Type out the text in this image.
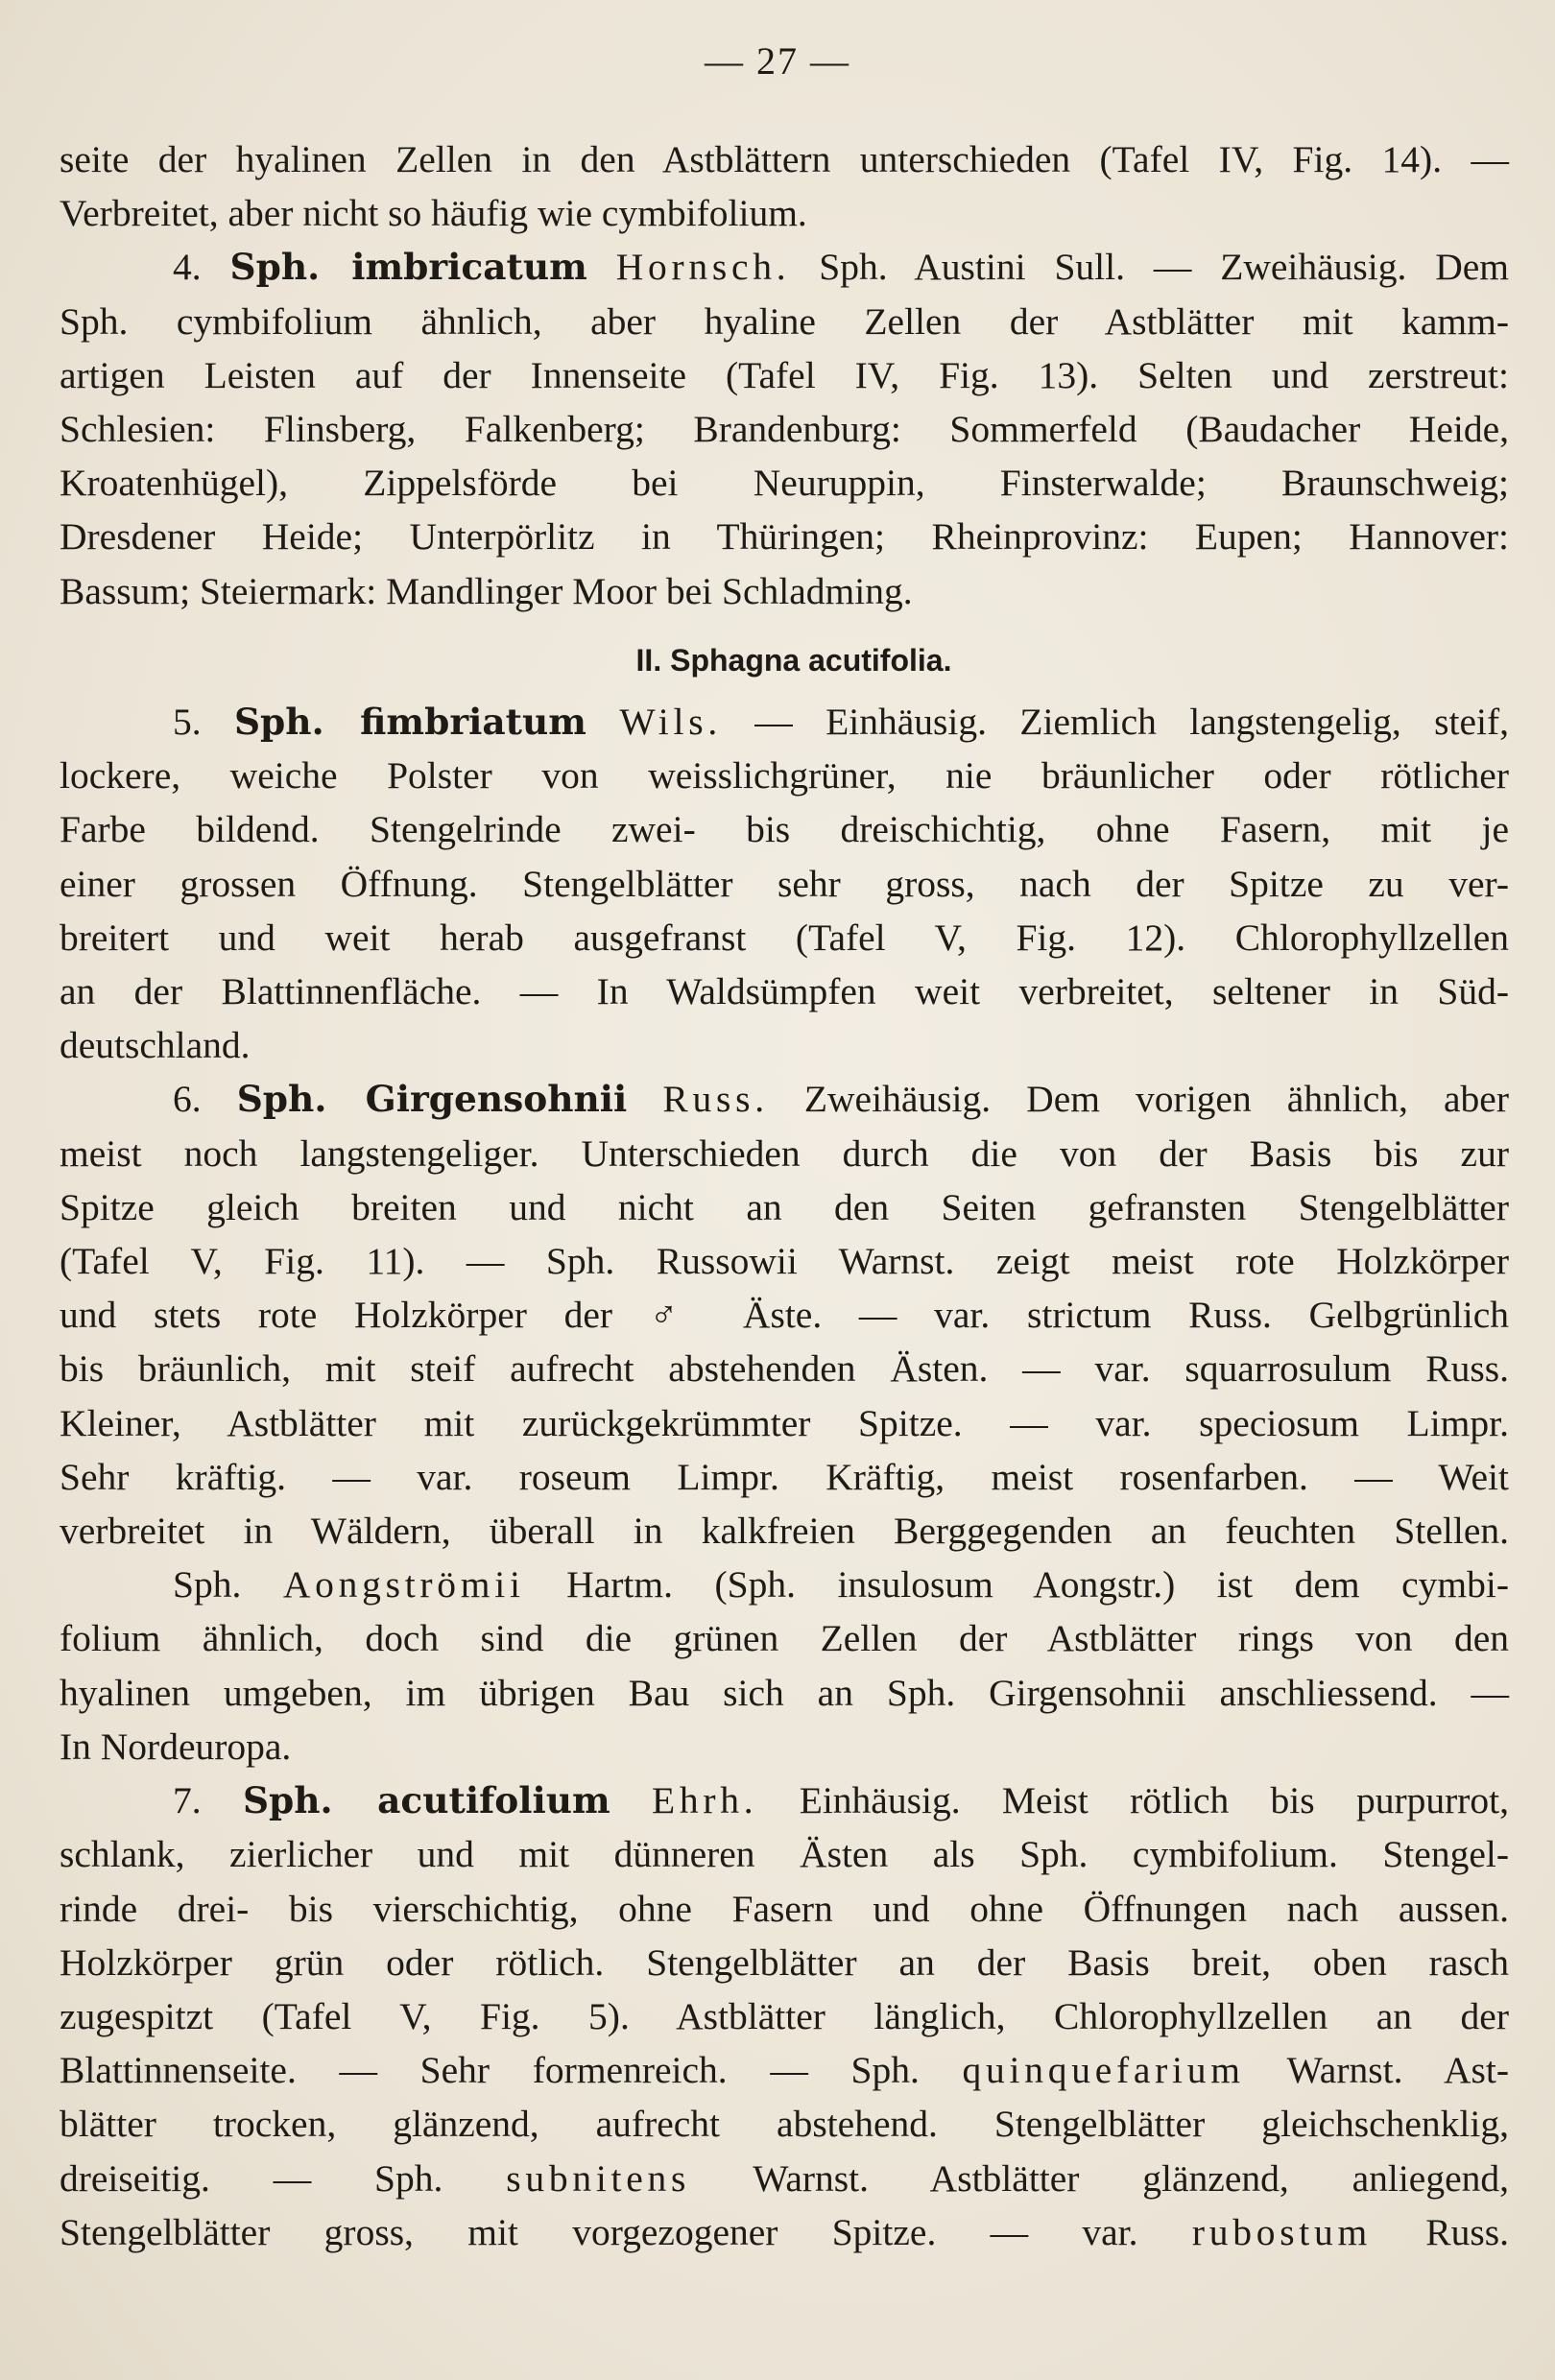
— 27 —
seite der hyalinen Zellen in den Astblättern unterschieden (Tafel IV, Fig. 14). —
Verbreitet, aber nicht so häufig wie cymbifolium.
4. Sph. imbricatum Hornsch. Sph. Austini Sull. — Zweihäusig. Dem
Sph. cymbifolium ähnlich, aber hyaline Zellen der Astblätter mit kamm-
artigen Leisten auf der Innenseite (Tafel IV, Fig. 13). Selten und zerstreut:
Schlesien: Flinsberg, Falkenberg; Brandenburg: Sommerfeld (Baudacher Heide,
Kroatenhügel), Zippelsförde bei Neuruppin, Finsterwalde; Braunschweig;
Dresdener Heide; Unterpörlitz in Thüringen; Rheinprovinz: Eupen; Hannover:
Bassum; Steiermark: Mandlinger Moor bei Schladming.
II. Sphagna acutifolia.
5. Sph. fimbriatum Wils. — Einhäusig. Ziemlich langstengelig, steif,
lockere, weiche Polster von weisslichgrüner, nie bräunlicher oder rötlicher
Farbe bildend. Stengelrinde zwei- bis dreischichtig, ohne Fasern, mit je
einer grossen Öffnung. Stengelblätter sehr gross, nach der Spitze zu ver-
breitert und weit herab ausgefranst (Tafel V, Fig. 12). Chlorophyllzellen
an der Blattinnenfläche. — In Waldsümpfen weit verbreitet, seltener in Süd-
deutschland.
6. Sph. Girgensohnii Russ. Zweihäusig. Dem vorigen ähnlich, aber
meist noch langstengeliger. Unterschieden durch die von der Basis bis zur
Spitze gleich breiten und nicht an den Seiten gefransten Stengelblätter
(Tafel V, Fig. 11). — Sph. Russowii Warnst. zeigt meist rote Holzkörper
und stets rote Holzkörper der ♂ Äste. — var. strictum Russ. Gelbgrünlich
bis bräunlich, mit steif aufrecht abstehenden Ästen. — var. squarrosulum Russ.
Kleiner, Astblätter mit zurückgekrümmter Spitze. — var. speciosum Limpr.
Sehr kräftig. — var. roseum Limpr. Kräftig, meist rosenfarben. — Weit
verbreitet in Wäldern, überall in kalkfreien Berggegenden an feuchten Stellen.
Sph. Aongströmii Hartm. (Sph. insulosum Aongstr.) ist dem cymbi-
folium ähnlich, doch sind die grünen Zellen der Astblätter rings von den
hyalinen umgeben, im übrigen Bau sich an Sph. Girgensohnii anschliessend. —
In Nordeuropa.
7. Sph. acutifolium Ehrh. Einhäusig. Meist rötlich bis purpurrot,
schlank, zierlicher und mit dünneren Ästen als Sph. cymbifolium. Stengel-
rinde drei- bis vierschichtig, ohne Fasern und ohne Öffnungen nach aussen.
Holzkörper grün oder rötlich. Stengelblätter an der Basis breit, oben rasch
zugespitzt (Tafel V, Fig. 5). Astblätter länglich, Chlorophyllzellen an der
Blattinnenseite. — Sehr formenreich. — Sph. quinquefarium Warnst. Ast-
blätter trocken, glänzend, aufrecht abstehend. Stengelblätter gleichschenklig,
dreiseitig. — Sph. subnitens Warnst. Astblätter glänzend, anliegend,
Stengelblätter gross, mit vorgezogener Spitze. — var. rubostum Russ.
